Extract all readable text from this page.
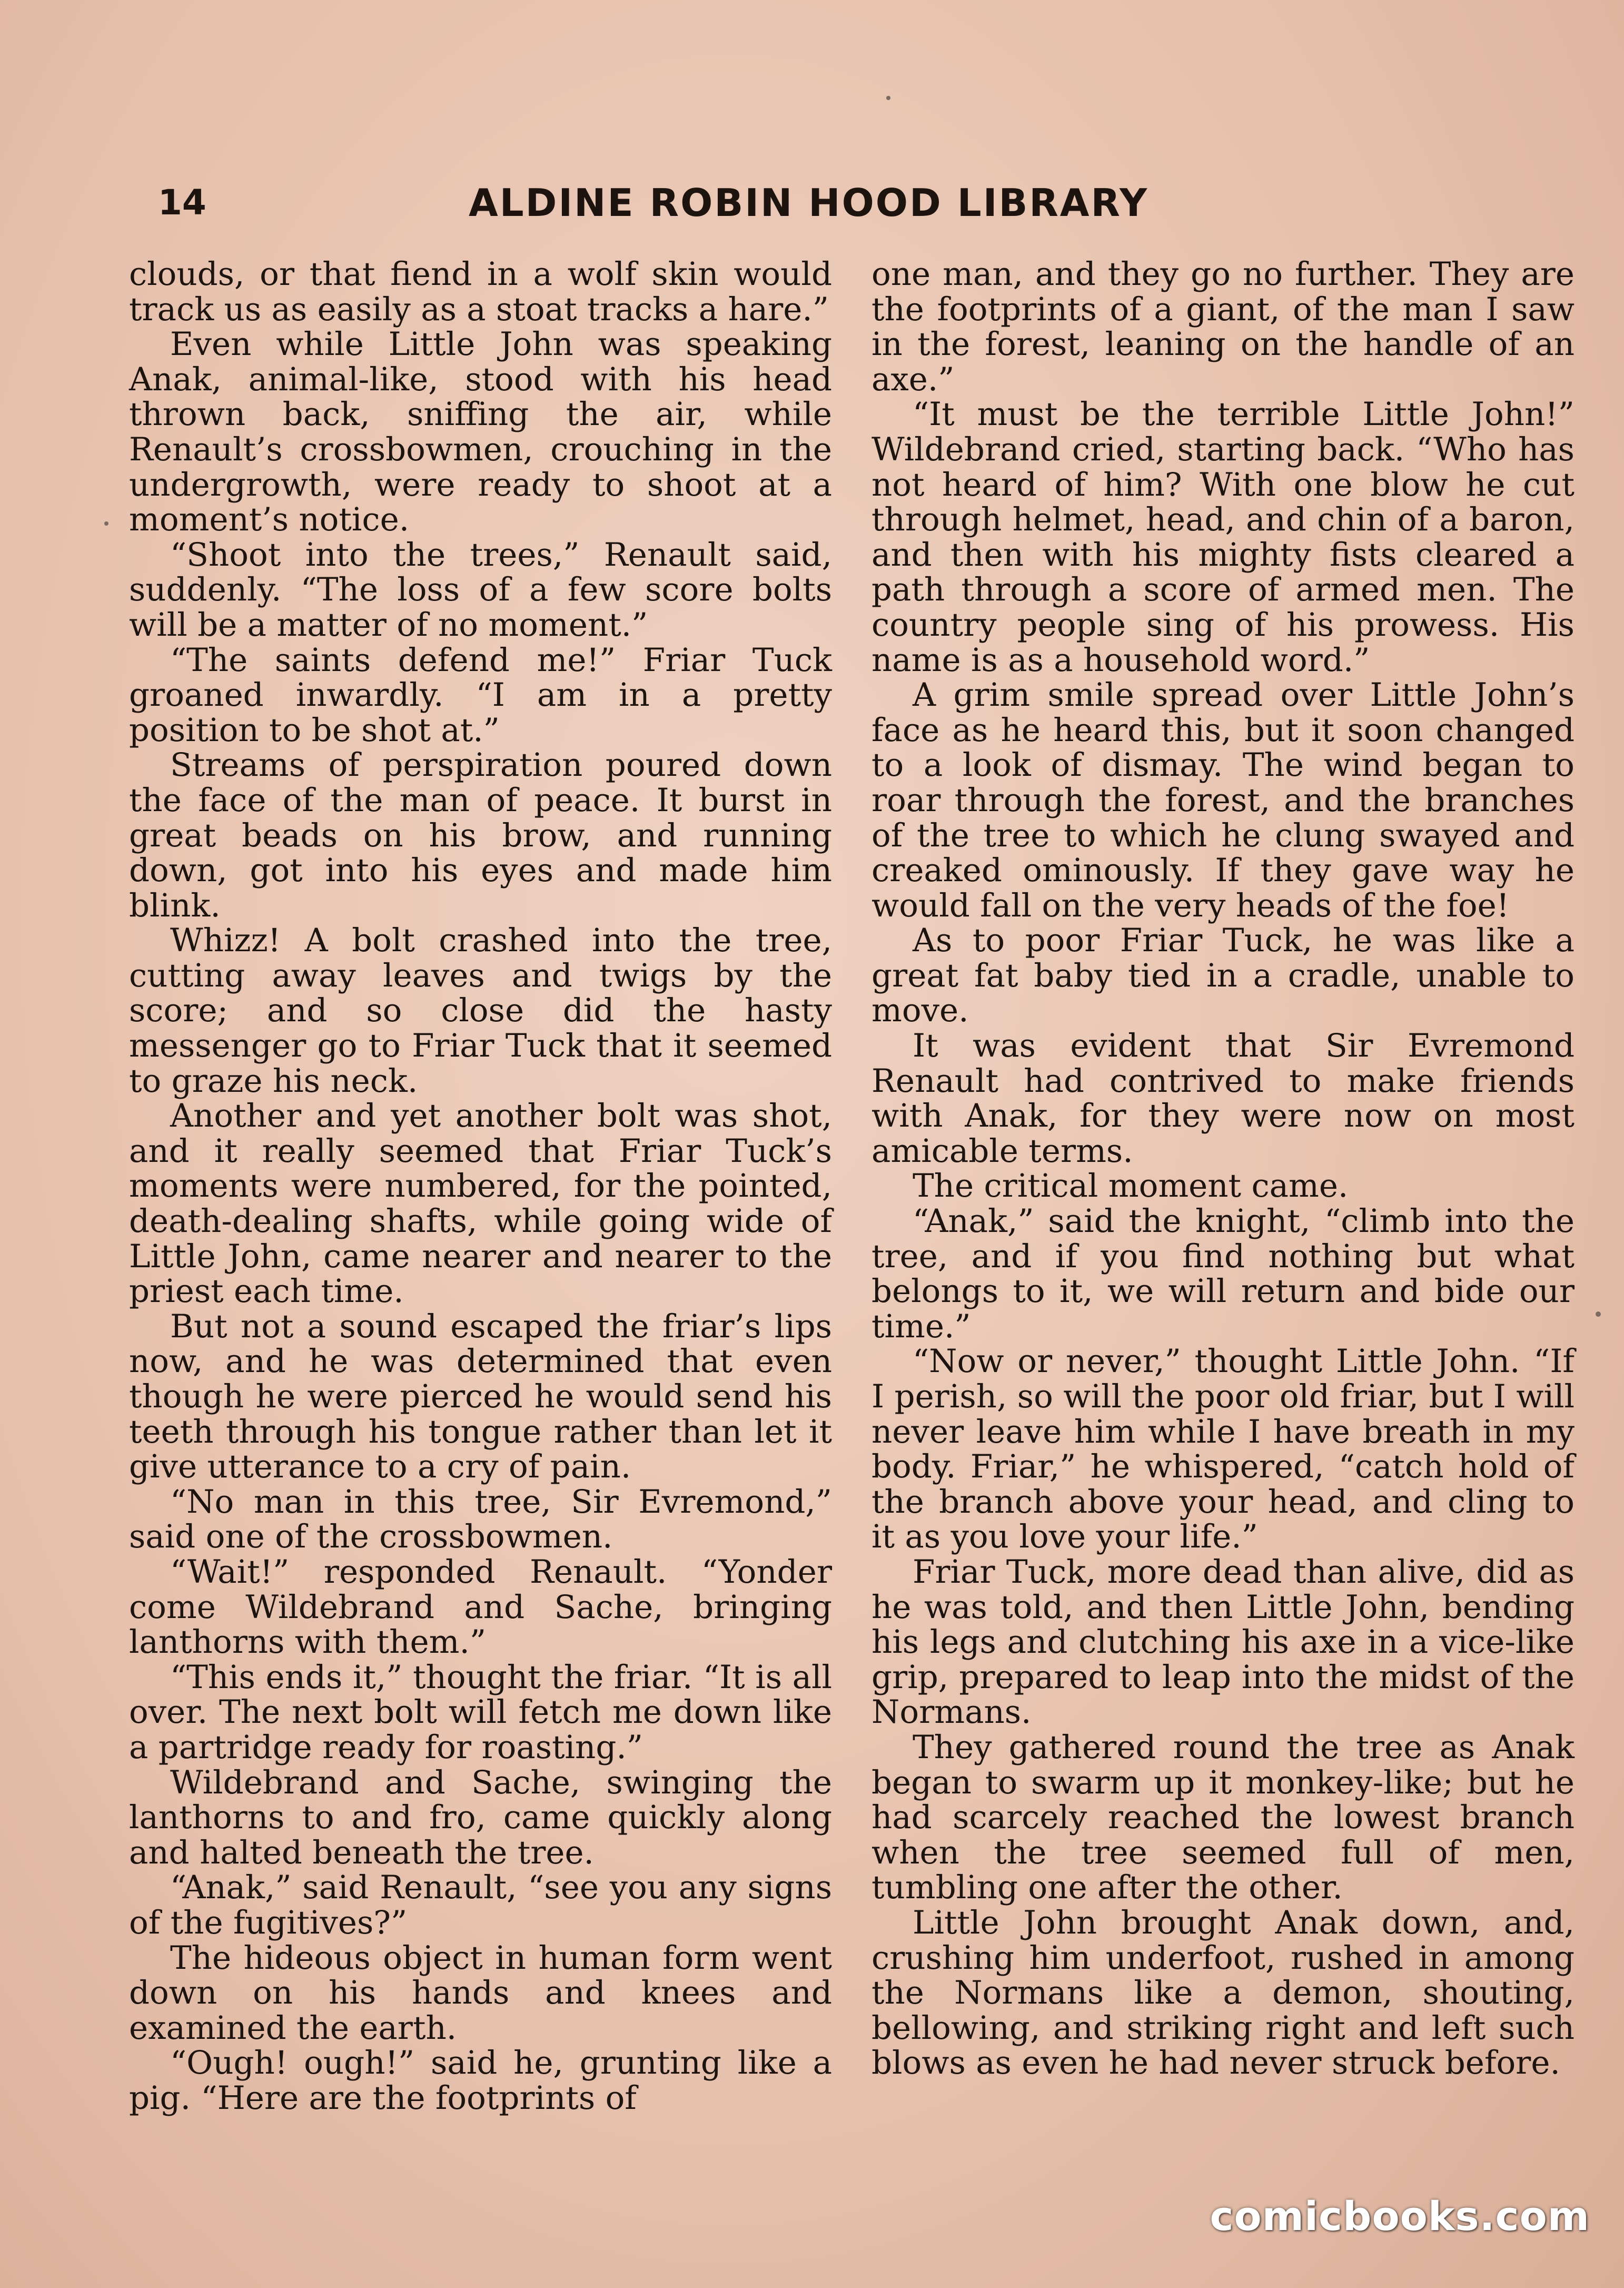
14	ALDINE ROBIN HOOD LIBRARY

clouds, or that fiend in a wolf skin would track us as easily as a stoat tracks a hare.”

Even while Little John was speaking Anak, animal-like, stood with his head thrown back, sniffing the air, while Renault’s crossbowmen, crouching in the undergrowth, were ready to shoot at a moment’s notice.

“Shoot into the trees,” Renault said, suddenly. “The loss of a few score bolts will be a matter of no moment.”

“The saints defend me!” Friar Tuck groaned inwardly. “I am in a pretty position to be shot at.”

Streams of perspiration poured down the face of the man of peace. It burst in great beads on his brow, and running down, got into his eyes and made him blink.

Whizz! A bolt crashed into the tree, cutting away leaves and twigs by the score; and so close did the hasty messenger go to Friar Tuck that it seemed to graze his neck.

Another and yet another bolt was shot, and it really seemed that Friar Tuck’s moments were numbered, for the pointed, death-dealing shafts, while going wide of Little John, came nearer and nearer to the priest each time.

But not a sound escaped the friar’s lips now, and he was determined that even though he were pierced he would send his teeth through his tongue rather than let it give utterance to a cry of pain.

“No man in this tree, Sir Evremond,” said one of the crossbowmen.

“Wait!” responded Renault. “Yonder come Wildebrand and Sache, bringing lanthorns with them.”

“This ends it,” thought the friar. “It is all over. The next bolt will fetch me down like a partridge ready for roasting.”

Wildebrand and Sache, swinging the lanthorns to and fro, came quickly along and halted beneath the tree.

“Anak,” said Renault, “see you any signs of the fugitives?”

The hideous object in human form went down on his hands and knees and examined the earth.

“Ough! ough!” said he, grunting like a pig. “Here are the footprints of

one man, and they go no further. They are the footprints of a giant, of the man I saw in the forest, leaning on the handle of an axe.”

“It must be the terrible Little John!” Wildebrand cried, starting back. “Who has not heard of him? With one blow he cut through helmet, head, and chin of a baron, and then with his mighty fists cleared a path through a score of armed men. The country people sing of his prowess. His name is as a household word.”

A grim smile spread over Little John’s face as he heard this, but it soon changed to a look of dismay. The wind began to roar through the forest, and the branches of the tree to which he clung swayed and creaked ominously. If they gave way he would fall on the very heads of the foe!

As to poor Friar Tuck, he was like a great fat baby tied in a cradle, unable to move.

It was evident that Sir Evremond Renault had contrived to make friends with Anak, for they were now on most amicable terms.

The critical moment came.

“Anak,” said the knight, “climb into the tree, and if you find nothing but what belongs to it, we will return and bide our time.”

“Now or never,” thought Little John. “If I perish, so will the poor old friar, but I will never leave him while I have breath in my body. Friar,” he whispered, “catch hold of the branch above your head, and cling to it as you love your life.”

Friar Tuck, more dead than alive, did as he was told, and then Little John, bending his legs and clutching his axe in a vice-like grip, prepared to leap into the midst of the Normans.

They gathered round the tree as Anak began to swarm up it monkey-like; but he had scarcely reached the lowest branch when the tree seemed full of men, tumbling one after the other.

Little John brought Anak down, and, crushing him underfoot, rushed in among the Normans like a demon, shouting, bellowing, and striking right and left such blows as even he had never struck before.

comicbooks.com
